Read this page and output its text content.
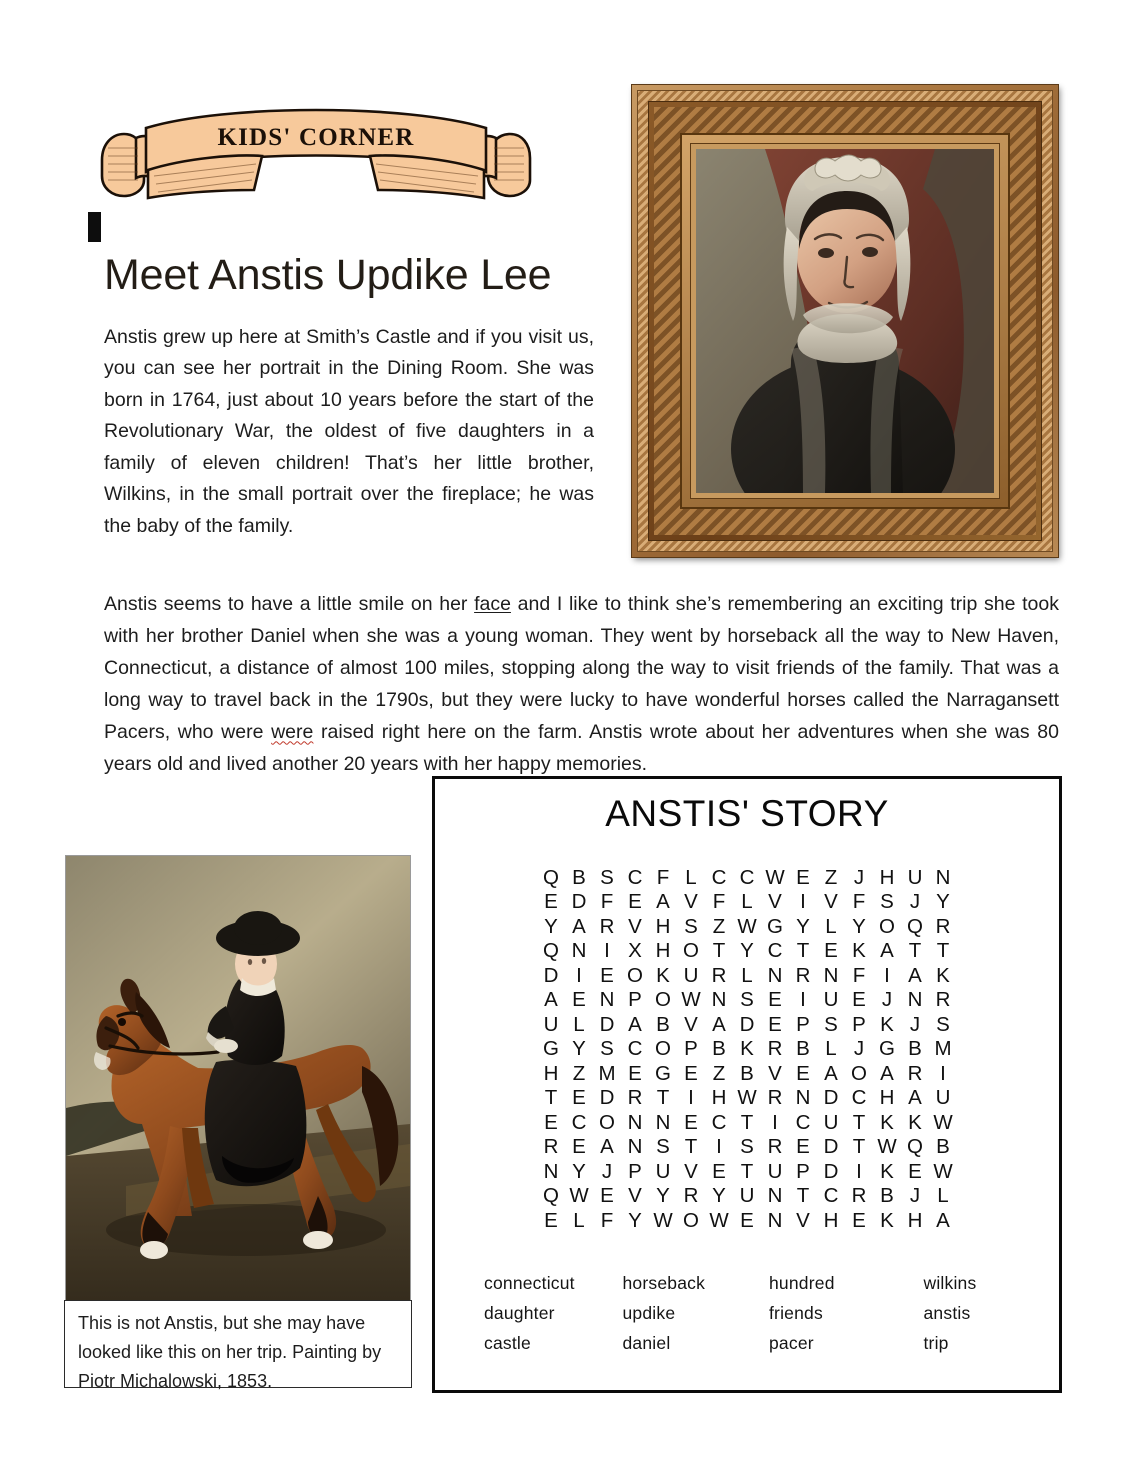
KIDS' CORNER
Meet Anstis Updike Lee

Anstis grew up here at Smith’s Castle and if you visit us, you can see her portrait in the Dining Room. She was born in 1764, just about 10 years before the start of the Revolutionary War, the oldest of five daughters in a family of eleven children! That’s her little brother, Wilkins, in the small portrait over the fireplace; he was the baby of the family.

Anstis seems to have a little smile on her face and I like to think she’s remembering an exciting trip she took with her brother Daniel when she was a young woman. They went by horseback all the way to New Haven, Connecticut, a distance of almost 100 miles, stopping along the way to visit friends of the family. That was a long way to travel back in the 1790s, but they were lucky to have wonderful horses called the Narragansett Pacers, who were were raised right here on the farm. Anstis wrote about her adventures when she was 80 years old and lived another 20 years with her happy memories.

This is not Anstis, but she may have looked like this on her trip. Painting by Piotr Michalowski, 1853.
ANSTIS' STORY
Q B S C F L C C W E Z J H U N
E D F E A V F L V I V F S J Y
Y A R V H S Z W G Y L Y O Q R
Q N I X H O T Y C T E K A T T
D I E O K U R L N R N F I A K
A E N P O W N S E I U E J N R
U L D A B V A D E P S P K J S
G Y S C O P B K R B L J G B M
H Z M E G E Z B V E A O A R I
T E D R T I H W R N D C H A U
E C O N N E C T I C U T K K W
R E A N S T I S R E D T W Q B
N Y J P U V E T U P D I K E W
Q W E V Y R Y U N T C R B J L
E L F Y W O W E N V H E K H A
connecticut	horseback	hundred	wilkins
daughter	updike	friends	anstis
castle	daniel	pacer	trip
